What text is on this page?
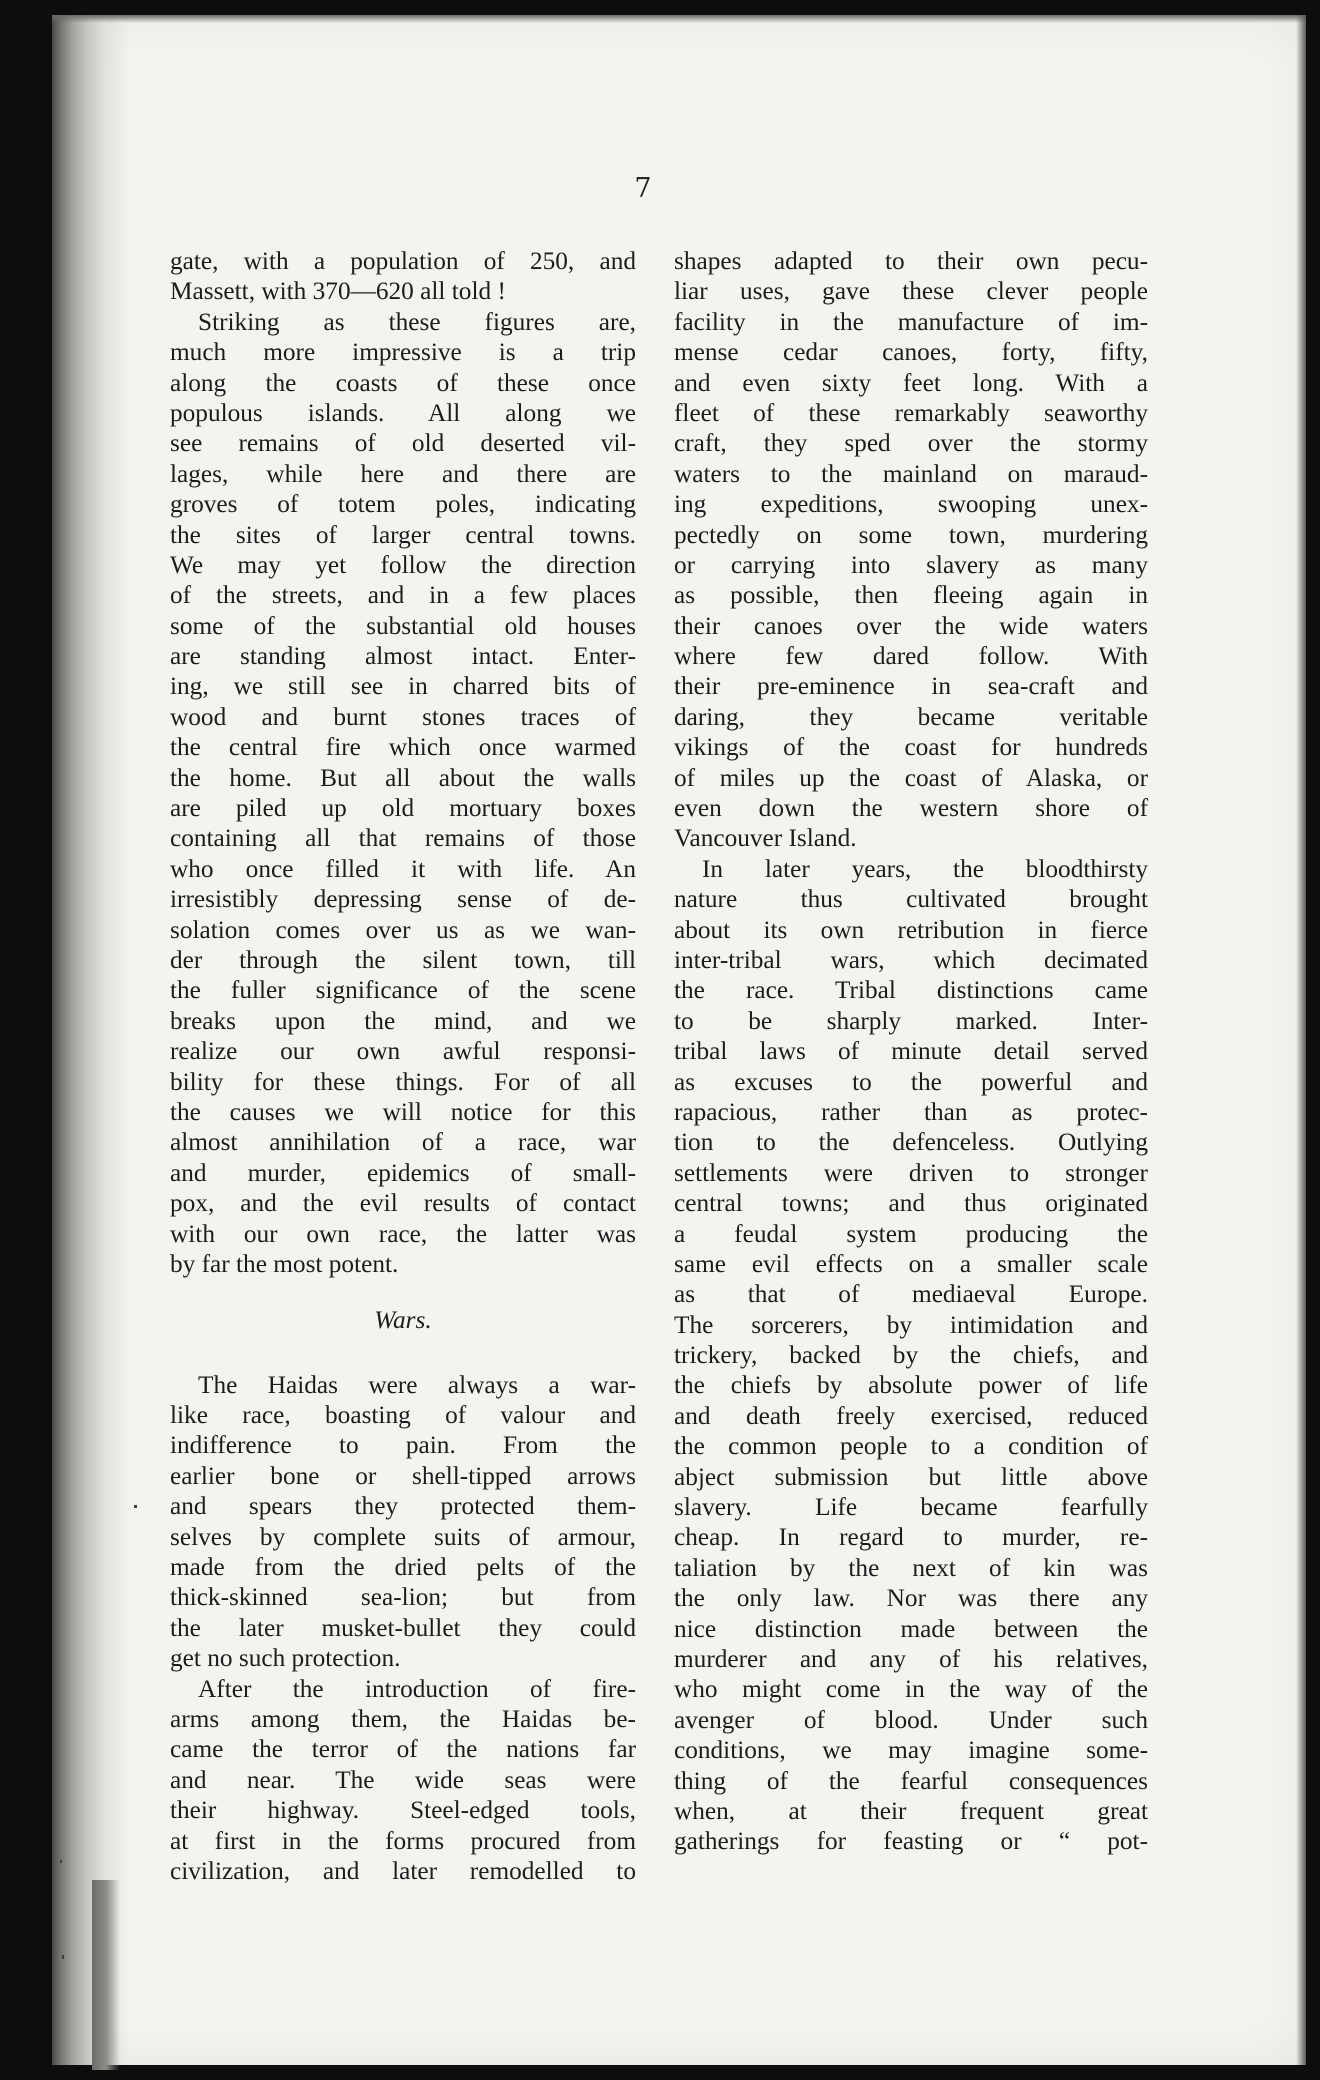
7
gate, with a population of 250, and
Massett, with 370—620 all told !
Striking as these figures are,
much more impressive is a trip
along the coasts of these once
populous islands. All along we
see remains of old deserted vil-
lages, while here and there are
groves of totem poles, indicating
the sites of larger central towns.
We may yet follow the direction
of the streets, and in a few places
some of the substantial old houses
are standing almost intact. Enter-
ing, we still see in charred bits of
wood and burnt stones traces of
the central fire which once warmed
the home. But all about the walls
are piled up old mortuary boxes
containing all that remains of those
who once filled it with life. An
irresistibly depressing sense of de-
solation comes over us as we wan-
der through the silent town, till
the fuller significance of the scene
breaks upon the mind, and we
realize our own awful responsi-
bility for these things. For of all
the causes we will notice for this
almost annihilation of a race, war
and murder, epidemics of small-
pox, and the evil results of contact
with our own race, the latter was
by far the most potent.
Wars.
The Haidas were always a war-
like race, boasting of valour and
indifference to pain. From the
earlier bone or shell-tipped arrows
and spears they protected them-
selves by complete suits of armour,
made from the dried pelts of the
thick-skinned sea-lion; but from
the later musket-bullet they could
get no such protection.
After the introduction of fire-
arms among them, the Haidas be-
came the terror of the nations far
and near. The wide seas were
their highway. Steel-edged tools,
at first in the forms procured from
civilization, and later remodelled to
shapes adapted to their own pecu-
liar uses, gave these clever people
facility in the manufacture of im-
mense cedar canoes, forty, fifty,
and even sixty feet long. With a
fleet of these remarkably seaworthy
craft, they sped over the stormy
waters to the mainland on maraud-
ing expeditions, swooping unex-
pectedly on some town, murdering
or carrying into slavery as many
as possible, then fleeing again in
their canoes over the wide waters
where few dared follow. With
their pre-eminence in sea-craft and
daring, they became veritable
vikings of the coast for hundreds
of miles up the coast of Alaska, or
even down the western shore of
Vancouver Island.
In later years, the bloodthirsty
nature thus cultivated brought
about its own retribution in fierce
inter-tribal wars, which decimated
the race. Tribal distinctions came
to be sharply marked. Inter-
tribal laws of minute detail served
as excuses to the powerful and
rapacious, rather than as protec-
tion to the defenceless. Outlying
settlements were driven to stronger
central towns; and thus originated
a feudal system producing the
same evil effects on a smaller scale
as that of mediaeval Europe.
The sorcerers, by intimidation and
trickery, backed by the chiefs, and
the chiefs by absolute power of life
and death freely exercised, reduced
the common people to a condition of
abject submission but little above
slavery. Life became fearfully
cheap. In regard to murder, re-
taliation by the next of kin was
the only law. Nor was there any
nice distinction made between the
murderer and any of his relatives,
who might come in the way of the
avenger of blood. Under such
conditions, we may imagine some-
thing of the fearful consequences
when, at their frequent great
gatherings for feasting or “ pot-
